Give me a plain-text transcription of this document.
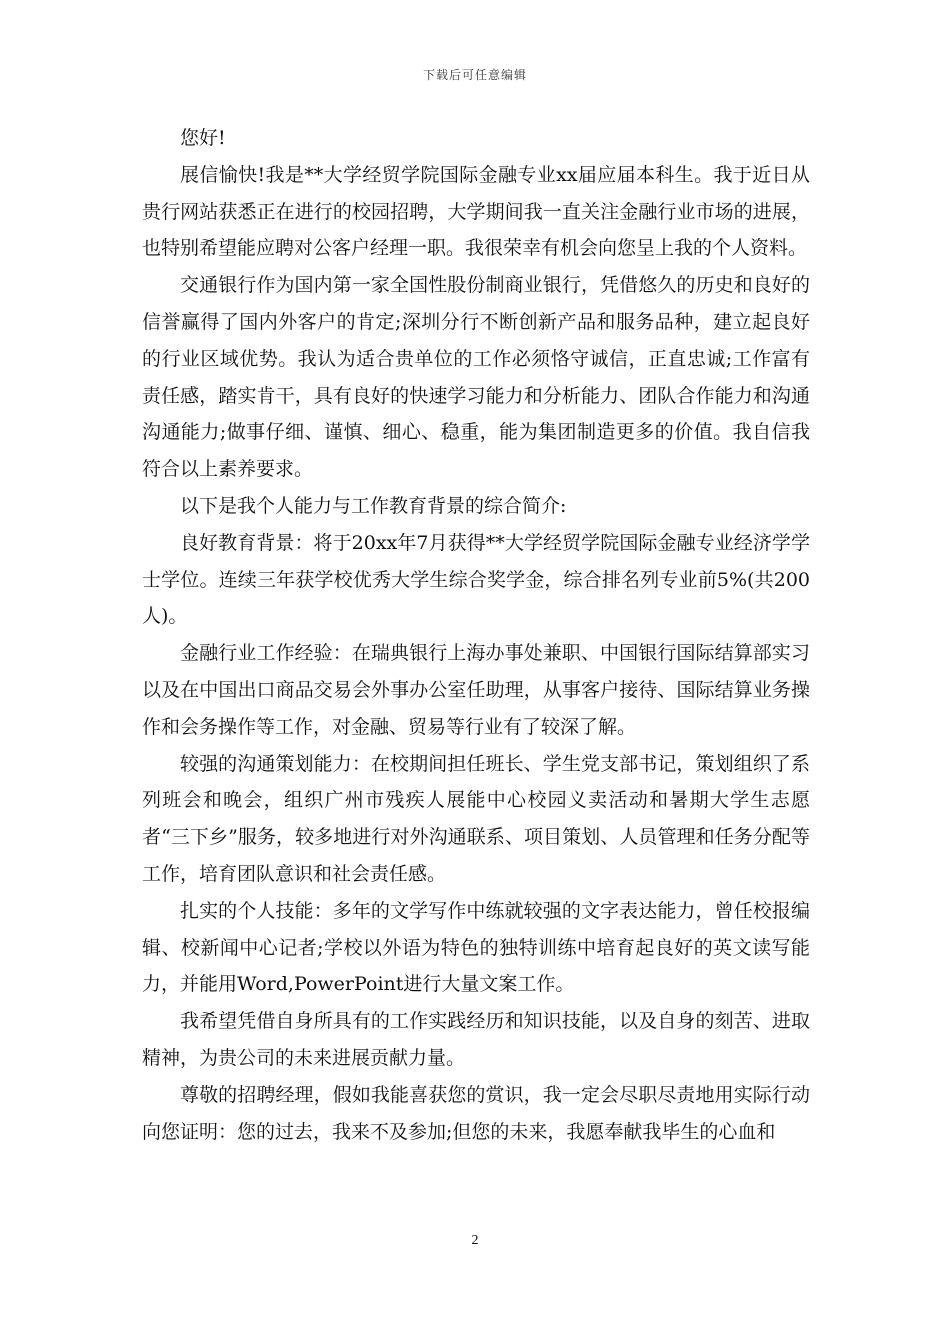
下载后可任意编辑

您好!

展信愉快!我是**大学经贸学院国际金融专业xx届应届本科生。我于近日从贵行网站获悉正在进行的校园招聘，大学期间我一直关注金融行业市场的进展，也特别希望能应聘对公客户经理一职。我很荣幸有机会向您呈上我的个人资料。

交通银行作为国内第一家全国性股份制商业银行，凭借悠久的历史和良好的信誉赢得了国内外客户的肯定;深圳分行不断创新产品和服务品种，建立起良好的行业区域优势。我认为适合贵单位的工作必须恪守诚信，正直忠诚;工作富有责任感，踏实肯干，具有良好的快速学习能力和分析能力、团队合作能力和沟通沟通能力;做事仔细、谨慎、细心、稳重，能为集团制造更多的价值。我自信我符合以上素养要求。

以下是我个人能力与工作教育背景的综合简介:

良好教育背景：将于20xx年7月获得**大学经贸学院国际金融专业经济学学士学位。连续三年获学校优秀大学生综合奖学金，综合排名列专业前5%(共200人)。

金融行业工作经验：在瑞典银行上海办事处兼职、中国银行国际结算部实习以及在中国出口商品交易会外事办公室任助理，从事客户接待、国际结算业务操作和会务操作等工作，对金融、贸易等行业有了较深了解。

较强的沟通策划能力：在校期间担任班长、学生党支部书记，策划组织了系列班会和晚会，组织广州市残疾人展能中心校园义卖活动和暑期大学生志愿者“三下乡”服务，较多地进行对外沟通联系、项目策划、人员管理和任务分配等工作，培育团队意识和社会责任感。

扎实的个人技能：多年的文学写作中练就较强的文字表达能力，曾任校报编辑、校新闻中心记者;学校以外语为特色的独特训练中培育起良好的英文读写能力，并能用Word,PowerPoint进行大量文案工作。

我希望凭借自身所具有的工作实践经历和知识技能，以及自身的刻苦、进取精神，为贵公司的未来进展贡献力量。

尊敬的招聘经理，假如我能喜获您的赏识，我一定会尽职尽责地用实际行动向您证明：您的过去，我来不及参加;但您的未来，我愿奉献我毕生的心血和

2
